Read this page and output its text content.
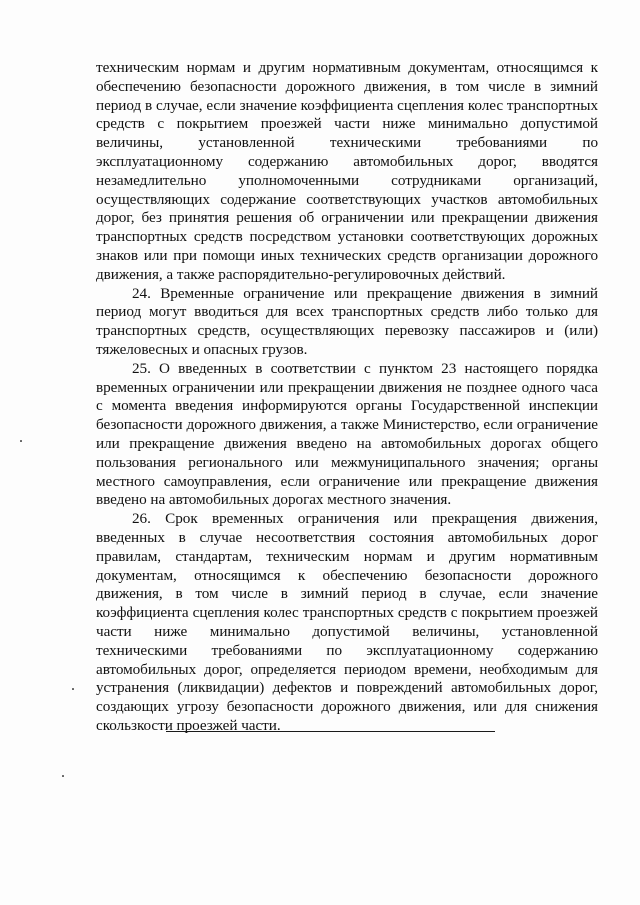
техническим нормам и другим нормативным документам, относящимся к обеспечению безопасности дорожного движения, в том числе в зимний период в случае, если значение коэффициента сцепления колес транспортных средств с покрытием проезжей части ниже минимально допустимой величины, установленной техническими требованиями по эксплуатационному содержанию автомобильных дорог, вводятся незамедлительно уполномоченными сотрудниками организаций, осуществляющих содержание соответствующих участков автомобильных дорог, без принятия решения об ограничении или прекращении движения транспортных средств посредством установки соответствующих дорожных знаков или при помощи иных технических средств организации дорожного движения, а также распорядительно-регулировочных действий.

24. Временные ограничение или прекращение движения в зимний период могут вводиться для всех транспортных средств либо только для транспортных средств, осуществляющих перевозку пассажиров и (или) тяжеловесных и опасных грузов.

25. О введенных в соответствии с пунктом 23 настоящего порядка временных ограничении или прекращении движения не позднее одного часа с момента введения информируются органы Государственной инспекции безопасности дорожного движения, а также Министерство, если ограничение или прекращение движения введено на автомобильных дорогах общего пользования регионального или межмуниципального значения; органы местного самоуправления, если ограничение или прекращение движения введено на автомобильных дорогах местного значения.

26. Срок временных ограничения или прекращения движения, введенных в случае несоответствия состояния автомобильных дорог правилам, стандартам, техническим нормам и другим нормативным документам, относящимся к обеспечению безопасности дорожного движения, в том числе в зимний период в случае, если значение коэффициента сцепления колес транспортных средств с покрытием проезжей части ниже минимально допустимой величины, установленной техническими требованиями по эксплуатационному содержанию автомобильных дорог, определяется периодом времени, необходимым для устранения (ликвидации) дефектов и повреждений автомобильных дорог, создающих угрозу безопасности дорожного движения, или для снижения скользкости проезжей части.
